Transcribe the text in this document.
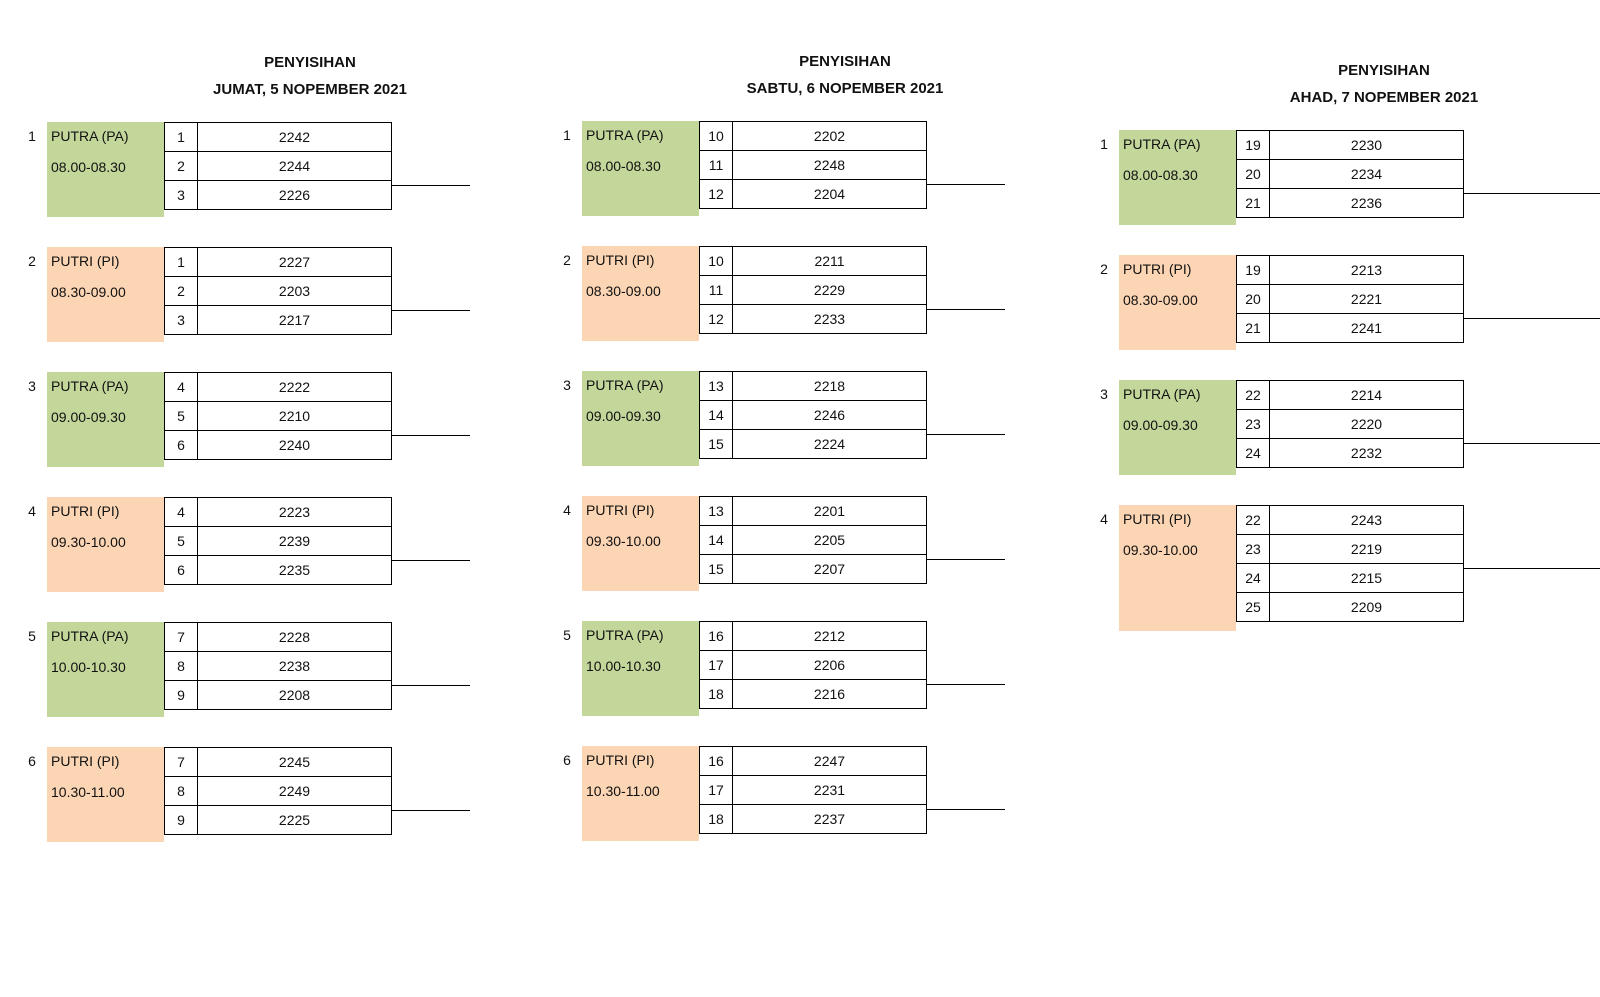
PENYISIHAN
JUMAT, 5 NOPEMBER 2021
1 PUTRA (PA)
08.00-08.30
1	2242
2	2244
3	2226
2 PUTRI (PI)
08.30-09.00
1	2227
2	2203
3	2217
3 PUTRA (PA)
09.00-09.30
4	2222
5	2210
6	2240
4 PUTRI (PI)
09.30-10.00
4	2223
5	2239
6	2235
5 PUTRA (PA)
10.00-10.30
7	2228
8	2238
9	2208
6 PUTRI (PI)
10.30-11.00
7	2245
8	2249
9	2225
PENYISIHAN
SABTU, 6 NOPEMBER 2021
1 PUTRA (PA)
08.00-08.30
10	2202
11	2248
12	2204
2 PUTRI (PI)
08.30-09.00
10	2211
11	2229
12	2233
3 PUTRA (PA)
09.00-09.30
13	2218
14	2246
15	2224
4 PUTRI (PI)
09.30-10.00
13	2201
14	2205
15	2207
5 PUTRA (PA)
10.00-10.30
16	2212
17	2206
18	2216
6 PUTRI (PI)
10.30-11.00
16	2247
17	2231
18	2237
PENYISIHAN
AHAD, 7 NOPEMBER 2021
1 PUTRA (PA)
08.00-08.30
19	2230
20	2234
21	2236
2 PUTRI (PI)
08.30-09.00
19	2213
20	2221
21	2241
3 PUTRA (PA)
09.00-09.30
22	2214
23	2220
24	2232
4 PUTRI (PI)
09.30-10.00
22	2243
23	2219
24	2215
25	2209
